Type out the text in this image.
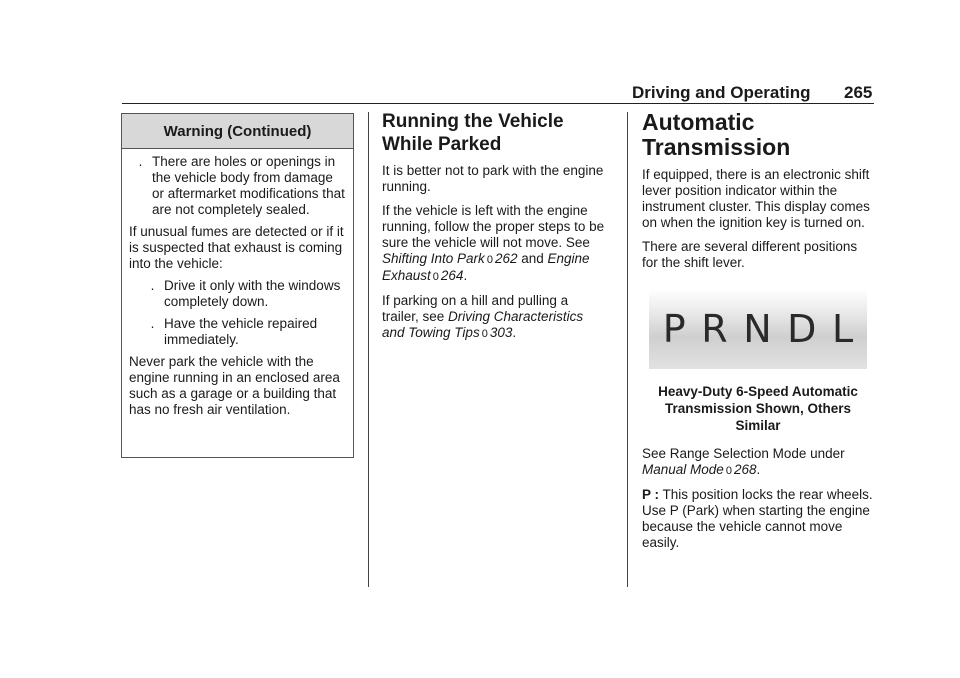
Driving and Operating 265
Warning (Continued)
. There are holes or openings in the vehicle body from damage or aftermarket modifications that are not completely sealed.

If unusual fumes are detected or if it is suspected that exhaust is coming into the vehicle:

. Drive it only with the windows completely down.
. Have the vehicle repaired immediately.

Never park the vehicle with the engine running in an enclosed area such as a garage or a building that has no fresh air ventilation.

Running the Vehicle While Parked

It is better not to park with the engine running.

If the vehicle is left with the engine running, follow the proper steps to be sure the vehicle will not move. See Shifting Into Park 0 262 and Engine Exhaust 0 264.

If parking on a hill and pulling a trailer, see Driving Characteristics and Towing Tips 0 303.

Automatic Transmission

If equipped, there is an electronic shift lever position indicator within the instrument cluster. This display comes on when the ignition key is turned on.

There are several different positions for the shift lever.

P R N D L
Heavy-Duty 6-Speed Automatic Transmission Shown, Others Similar

See Range Selection Mode under Manual Mode 0 268.

P : This position locks the rear wheels. Use P (Park) when starting the engine because the vehicle cannot move easily.
